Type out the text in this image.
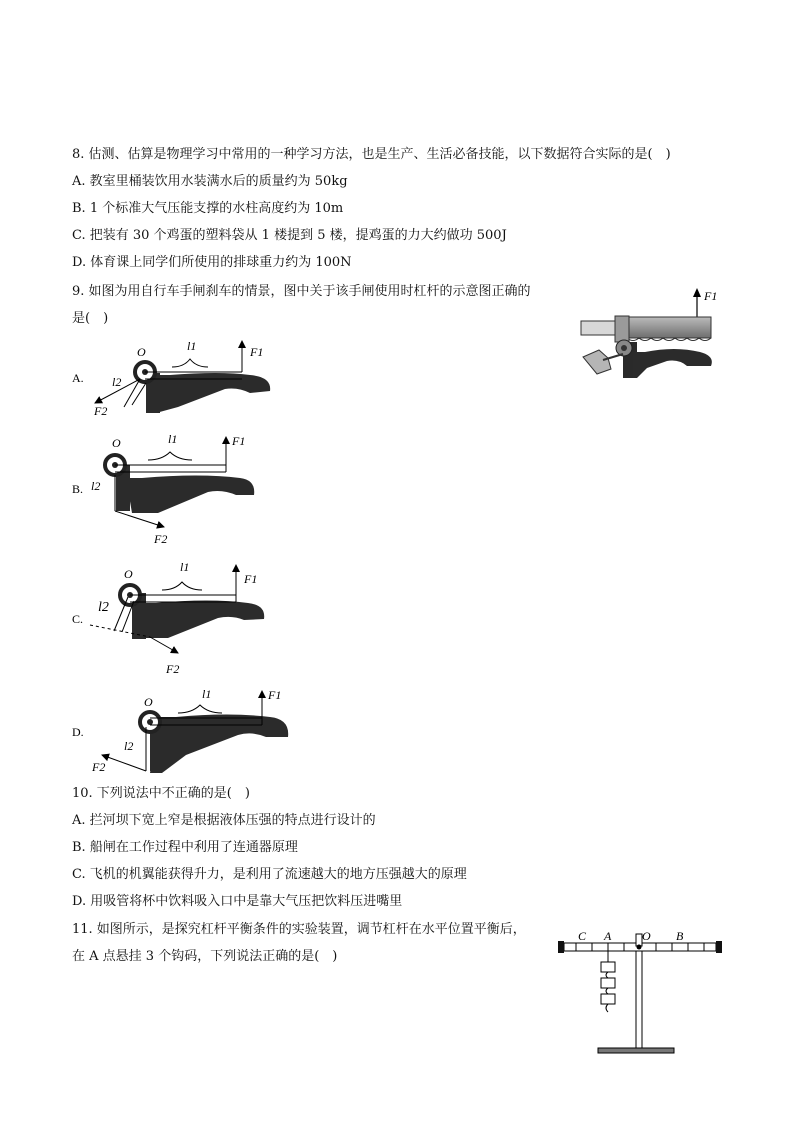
8. 估测、估算是物理学习中常用的一种学习方法，也是生产、生活必备技能，以下数据符合实际的是(　)
A. 教室里桶装饮用水装满水后的质量约为 50kg
B. 1 个标准大气压能支撑的水柱高度约为 10m
C. 把装有 30 个鸡蛋的塑料袋从 1 楼提到 5 楼，提鸡蛋的力大约做功 500J
D. 体育课上同学们所使用的排球重力约为 100N
9. 如图为用自行车手闸刹车的情景，图中关于该手闸使用时杠杆的示意图正确的
是(　)
F1
A.
O	l1	F1
l2
F2
B.
O	l1	F1
l2
F2
C.
O	l1
F1
l2
F2
D.
O
l1	F1
l2
F2
10. 下列说法中不正确的是(　)
A. 拦河坝下宽上窄是根据液体压强的特点进行设计的
B. 船闸在工作过程中利用了连通器原理
C. 飞机的机翼能获得升力，是利用了流速越大的地方压强越大的原理
D. 用吸管将杯中饮料吸入口中是靠大气压把饮料压进嘴里
11. 如图所示，是探究杠杆平衡条件的实验装置，调节杠杆在水平位置平衡后，
在 A 点悬挂 3 个钩码，下列说法正确的是(　)
C A	O B
